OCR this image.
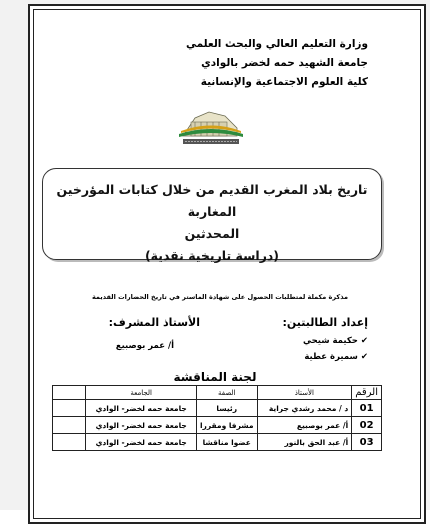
وزارة التعليم العالي والبحث العلمي
جامعة الشهيد حمه لخضر بالوادي
كلية العلوم الاجتماعية والإنسانية
تاريخ بلاد المغرب القديم من خلال كتابات المؤرخين المغاربة
المحدثين
(دراسة تاريخية نقدية)
مذكرة مكملة لمتطلبات الحصول على شهادة الماستر في تاريخ الحضارات القديمة
إعداد الطالبتين:
الأستاذ المشرف:
✔ حكيمة شيحي
✔ سميرة عطية
أ/ عمر بوصبيع
لجنة المناقشة
الرقم	الأستاذ	الصفة	الجامعة	
01	د / محمد رشدي جراية	رئيسا	جامعة حمه لخضر- الوادي	
02	أ/ عمر بوصبيع	مشرفا ومقررا	جامعة حمه لخضر- الوادي	
03	أ/ عبد الحق بالنور	عضوا مناقشا	جامعة حمه لخضر- الوادي	
